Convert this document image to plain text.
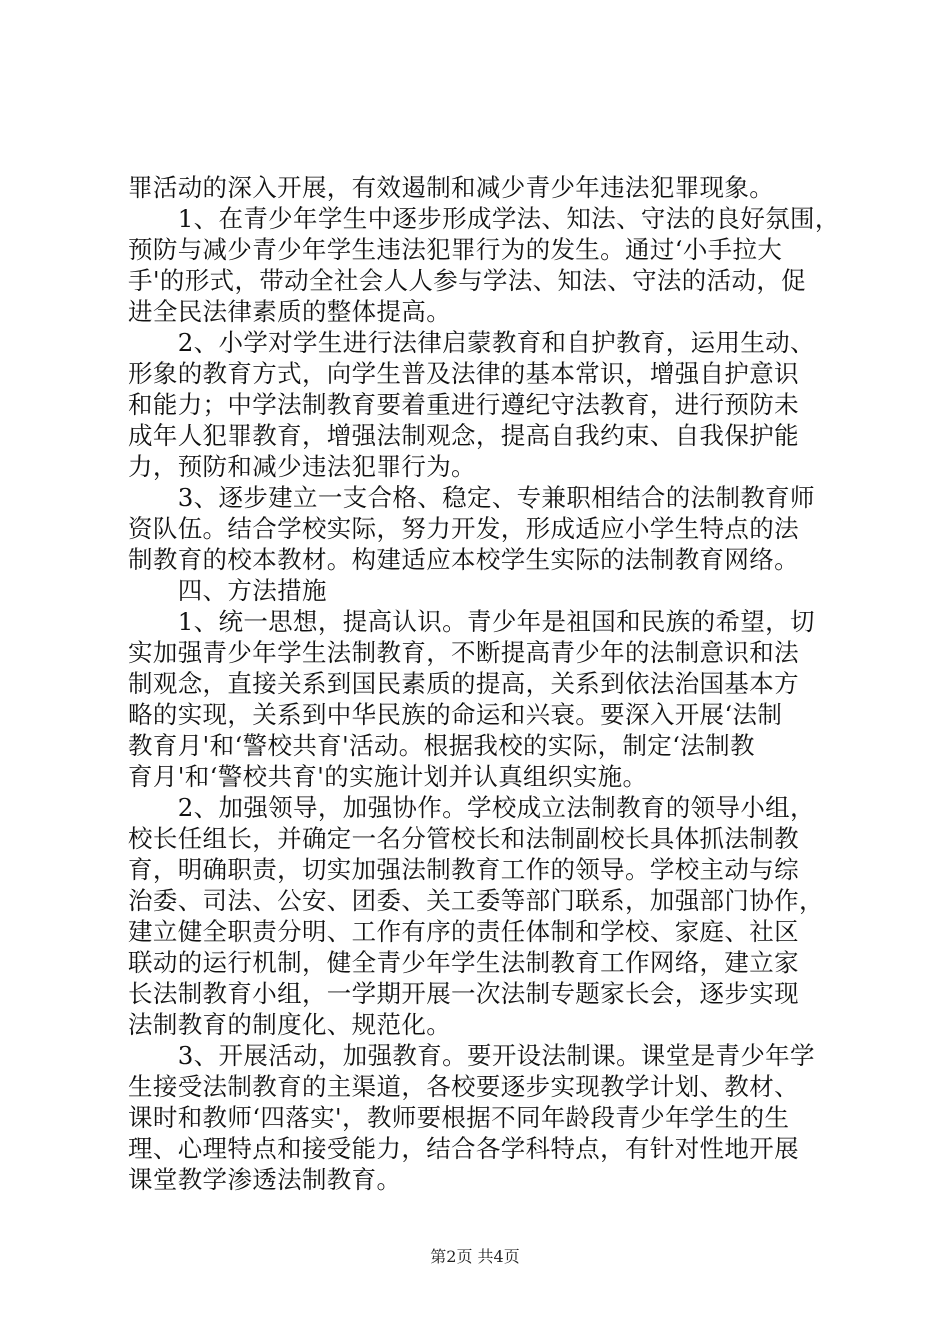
罪活动的深入开展，有效遏制和减少青少年违法犯罪现象。
　　1、在青少年学生中逐步形成学法、知法、守法的良好氛围，
预防与减少青少年学生违法犯罪行为的发生。通过‘小手拉大
手'的形式，带动全社会人人参与学法、知法、守法的活动，促
进全民法律素质的整体提高。
　　2、小学对学生进行法律启蒙教育和自护教育，运用生动、
形象的教育方式，向学生普及法律的基本常识，增强自护意识
和能力；中学法制教育要着重进行遵纪守法教育，进行预防未
成年人犯罪教育，增强法制观念，提高自我约束、自我保护能
力，预防和减少违法犯罪行为。
　　3、逐步建立一支合格、稳定、专兼职相结合的法制教育师
资队伍。结合学校实际，努力开发，形成适应小学生特点的法
制教育的校本教材。构建适应本校学生实际的法制教育网络。
　　四、方法措施
　　1、统一思想，提高认识。青少年是祖国和民族的希望，切
实加强青少年学生法制教育，不断提高青少年的法制意识和法
制观念，直接关系到国民素质的提高，关系到依法治国基本方
略的实现，关系到中华民族的命运和兴衰。要深入开展‘法制
教育月'和‘警校共育'活动。根据我校的实际，制定‘法制教
育月'和‘警校共育'的实施计划并认真组织实施。
　　2、加强领导，加强协作。学校成立法制教育的领导小组，
校长任组长，并确定一名分管校长和法制副校长具体抓法制教
育，明确职责，切实加强法制教育工作的领导。学校主动与综
治委、司法、公安、团委、关工委等部门联系，加强部门协作，
建立健全职责分明、工作有序的责任体制和学校、家庭、社区
联动的运行机制，健全青少年学生法制教育工作网络，建立家
长法制教育小组，一学期开展一次法制专题家长会，逐步实现
法制教育的制度化、规范化。
　　3、开展活动，加强教育。要开设法制课。课堂是青少年学
生接受法制教育的主渠道，各校要逐步实现教学计划、教材、
课时和教师‘四落实'，教师要根据不同年龄段青少年学生的生
理、心理特点和接受能力，结合各学科特点，有针对性地开展
课堂教学渗透法制教育。
第2页 共4页
